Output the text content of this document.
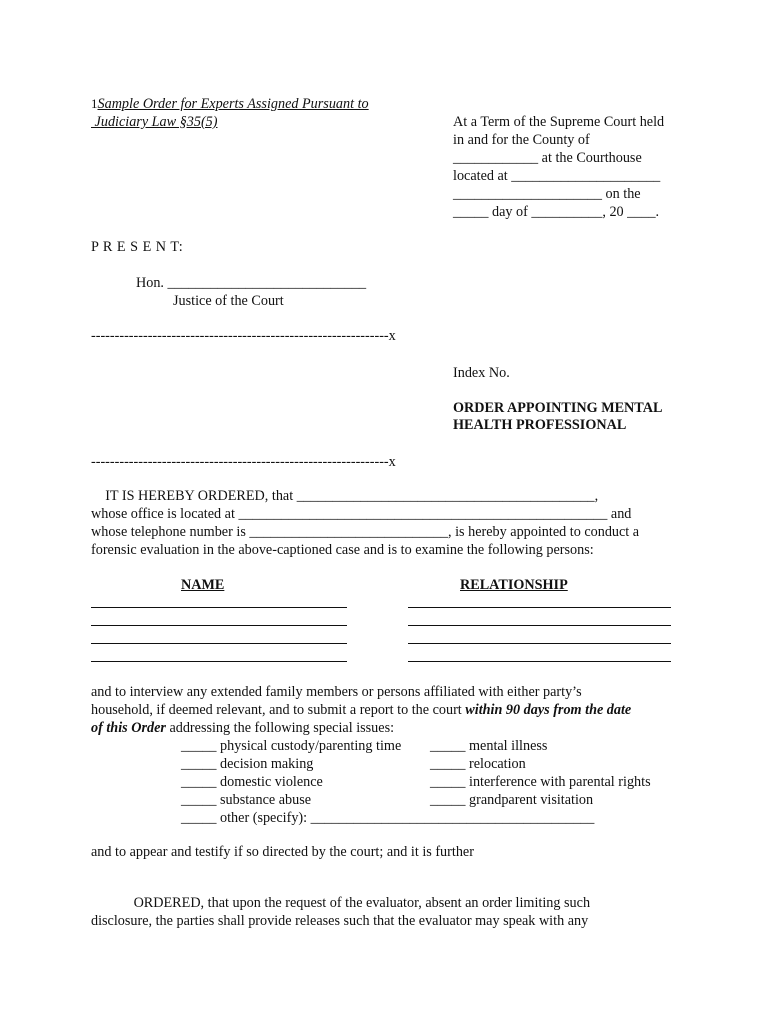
1Sample Order for Experts Assigned Pursuant to
Judiciary Law §35(5)	At a Term of the Supreme Court held
in and for the County of
____________ at the Courthouse
located at _____________________
_____________________ on the
_____ day of __________, 20 ____.
P R E S E N T:
Hon. ____________________________
Justice of the Court
---------------------------------------------------------------x
Index No.
ORDER APPOINTING MENTAL
HEALTH PROFESSIONAL
---------------------------------------------------------------x
IT IS HEREBY ORDERED, that __________________________________________,
whose office is located at ____________________________________________________ and
whose telephone number is ____________________________, is hereby appointed to conduct a
forensic evaluation in the above-captioned case and is to examine the following persons:
NAME	RELATIONSHIP
and to interview any extended family members or persons affiliated with either party’s
household, if deemed relevant, and to submit a report to the court within 90 days from the date
of this Order addressing the following special issues:
_____ physical custody/parenting time
_____ decision making
_____ domestic violence
_____ substance abuse
_____ other (specify): ________________________________________
_____ mental illness
_____ relocation
_____ interference with parental rights
_____ grandparent visitation
and to appear and testify if so directed by the court; and it is further
ORDERED, that upon the request of the evaluator, absent an order limiting such
disclosure, the parties shall provide releases such that the evaluator may speak with any
